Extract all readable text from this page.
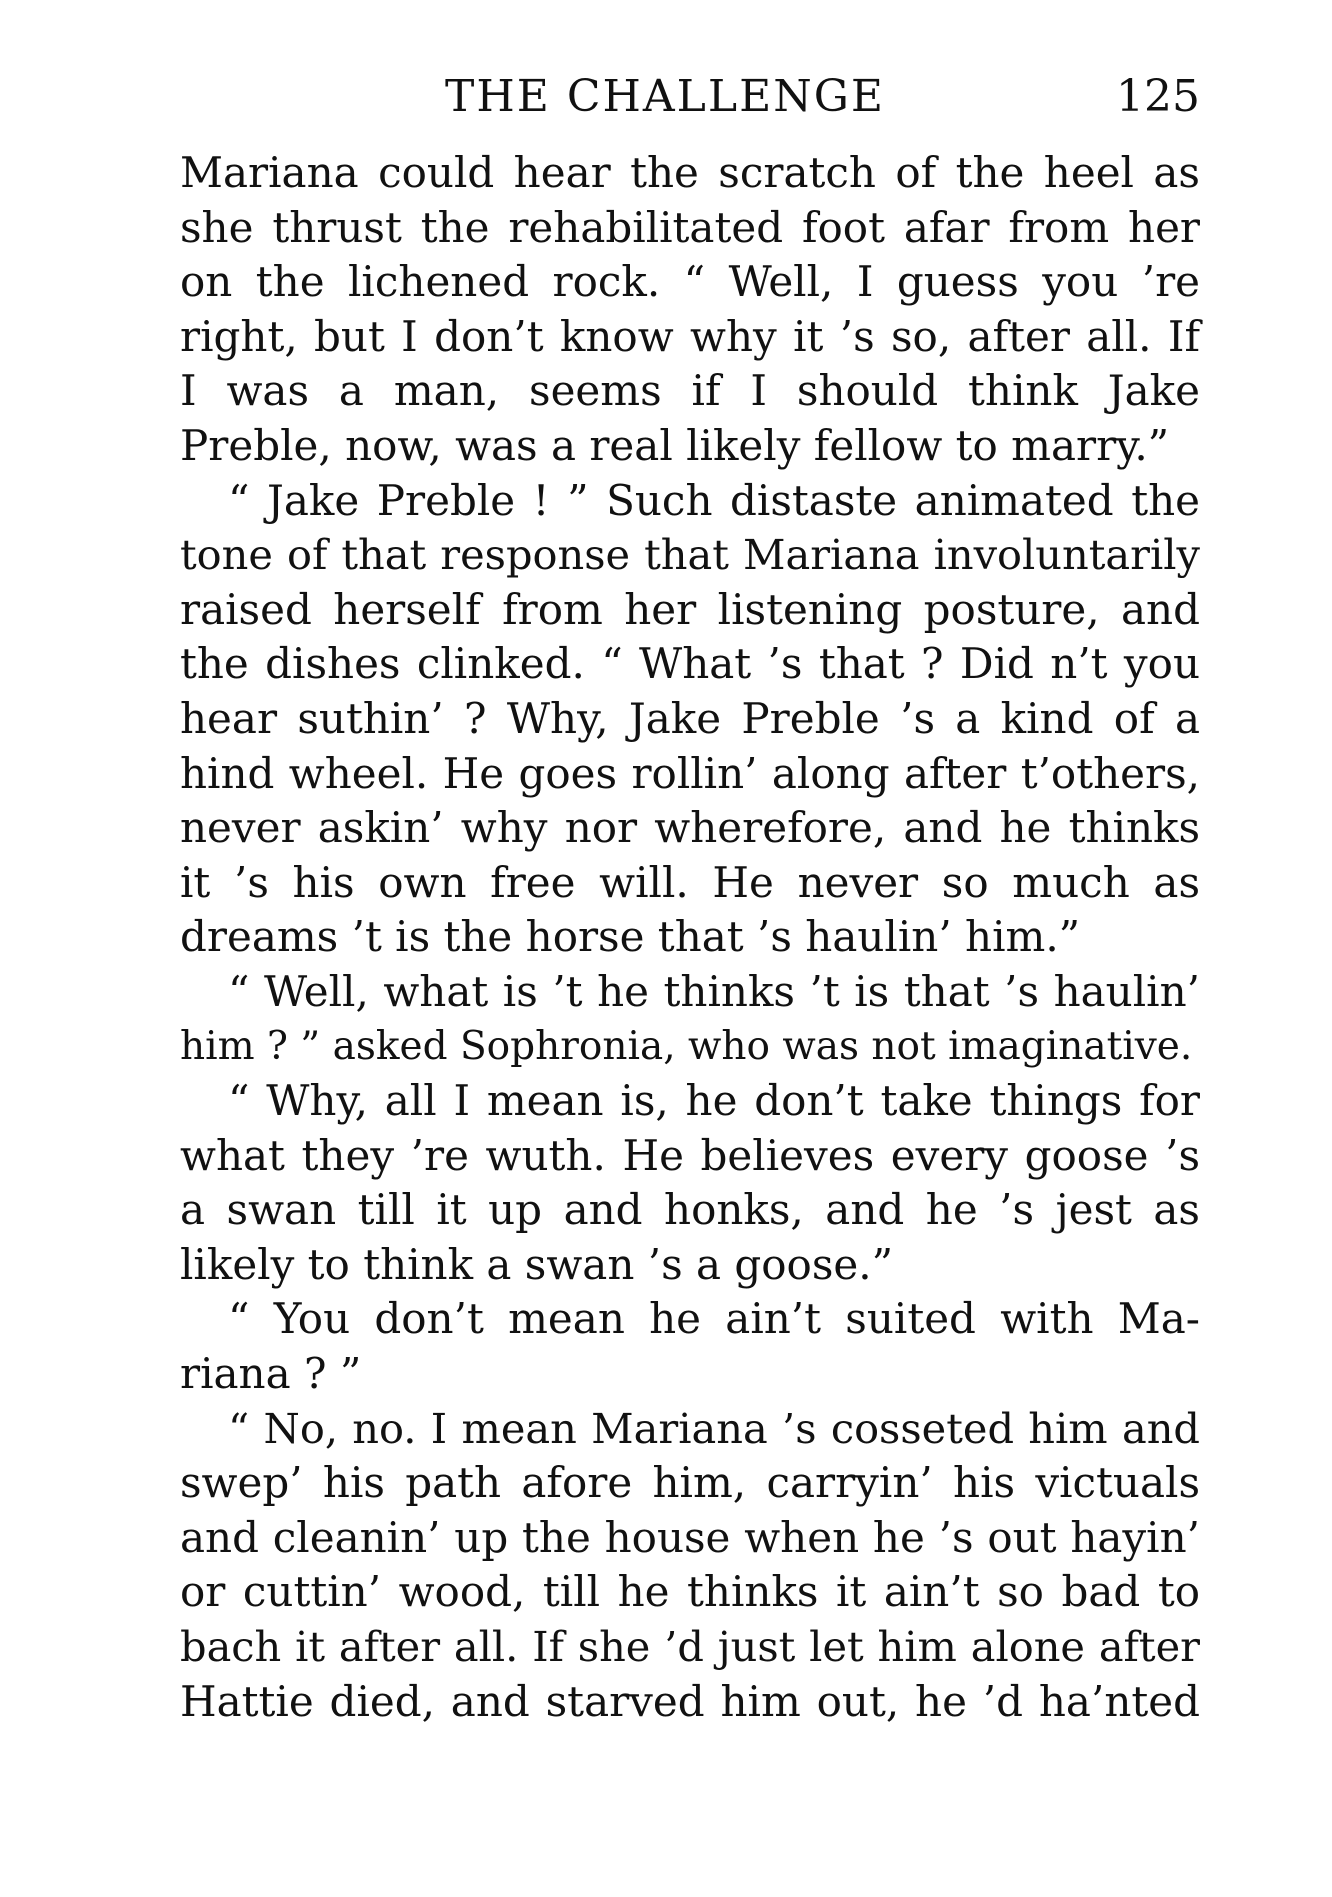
THE CHALLENGE	125
Mariana could hear the scratch of the heel as
she thrust the rehabilitated foot afar from her
on the lichened rock. “ Well, I guess you ’re
right, but I don’t know why it ’s so, after all. If
I was a man, seems if I should think Jake
Preble, now, was a real likely fellow to marry.”
“ Jake Preble ! ” Such distaste animated the
tone of that response that Mariana involuntarily
raised herself from her listening posture, and
the dishes clinked. “ What ’s that ? Did n’t you
hear suthin’ ? Why, Jake Preble ’s a kind of a
hind wheel. He goes rollin’ along after t’others,
never askin’ why nor wherefore, and he thinks
it ’s his own free will. He never so much as
dreams ’t is the horse that ’s haulin’ him.”
“ Well, what is ’t he thinks ’t is that ’s haulin’
him ? ” asked Sophronia, who was not imaginative.
“ Why, all I mean is, he don’t take things for
what they ’re wuth. He believes every goose ’s
a swan till it up and honks, and he ’s jest as
likely to think a swan ’s a goose.”
“ You don’t mean he ain’t suited with Ma-
riana ? ”
“ No, no. I mean Mariana ’s cosseted him and
swep’ his path afore him, carryin’ his victuals
and cleanin’ up the house when he ’s out hayin’
or cuttin’ wood, till he thinks it ain’t so bad to
bach it after all. If she ’d just let him alone after
Hattie died, and starved him out, he ’d ha’nted
